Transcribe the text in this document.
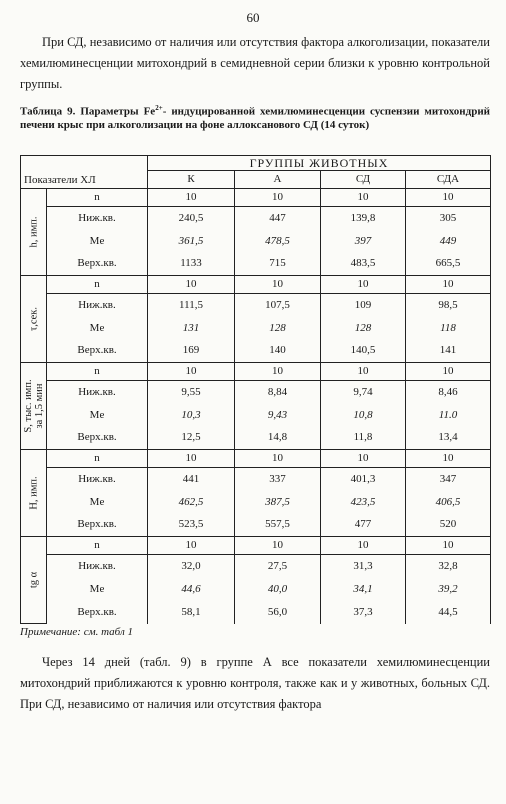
60
При СД, независимо от наличия или отсутствия фактора алкоголизации, показатели хемилюминесценции митохондрий в семидневной серии близки к уровню контрольной группы.
Таблица 9. Параметры $Fe^{2+}-$ индуцированной хемилюминесценции суспензии митохондрий печени крыс при алкоголизации на фоне аллоксанового СД (14 суток)
Показатели ХЛ		ГРУППЫ ЖИВОТНЫХ			
		К	А	СД	СДА

h, имп.	n	10	10	10	10
	Ниж.кв.	240,5	447	139,8	305
	Me	361,5	478,5	397	449
	Верх.кв.	1133	715	483,5	665,5

τ,сек.	n	10	10	10	10
	Ниж.кв.	111,5	107,5	109	98,5
	Me	131	128	128	118
	Верх.кв.	169	140	140,5	141

S, тыс. имп. за 1,5 мин	n	10	10	10	10
	Ниж.кв.	9,55	8,84	9,74	8,46
	Me	10,3	9,43	10,8	11.0
	Верх.кв.	12,5	14,8	11,8	13,4

H, имп.	n	10	10	10	10
	Ниж.кв.	441	337	401,3	347
	Me	462,5	387,5	423,5	406,5
	Верх.кв.	523,5	557,5	477	520

tg α	n	10	10	10	10
	Ниж.кв.	32,0	27,5	31,3	32,8
	Me	44,6	40,0	34,1	39,2
	Верх.кв.	58,1	56,0	37,3	44,5
Примечание: см. табл 1
Через 14 дней (табл. 9) в группе А все показатели хемилюминесценции митохондрий приближаются к уровню контроля, также как и у животных, больных СД. При СД, независимо от наличия или отсутствия фактора
